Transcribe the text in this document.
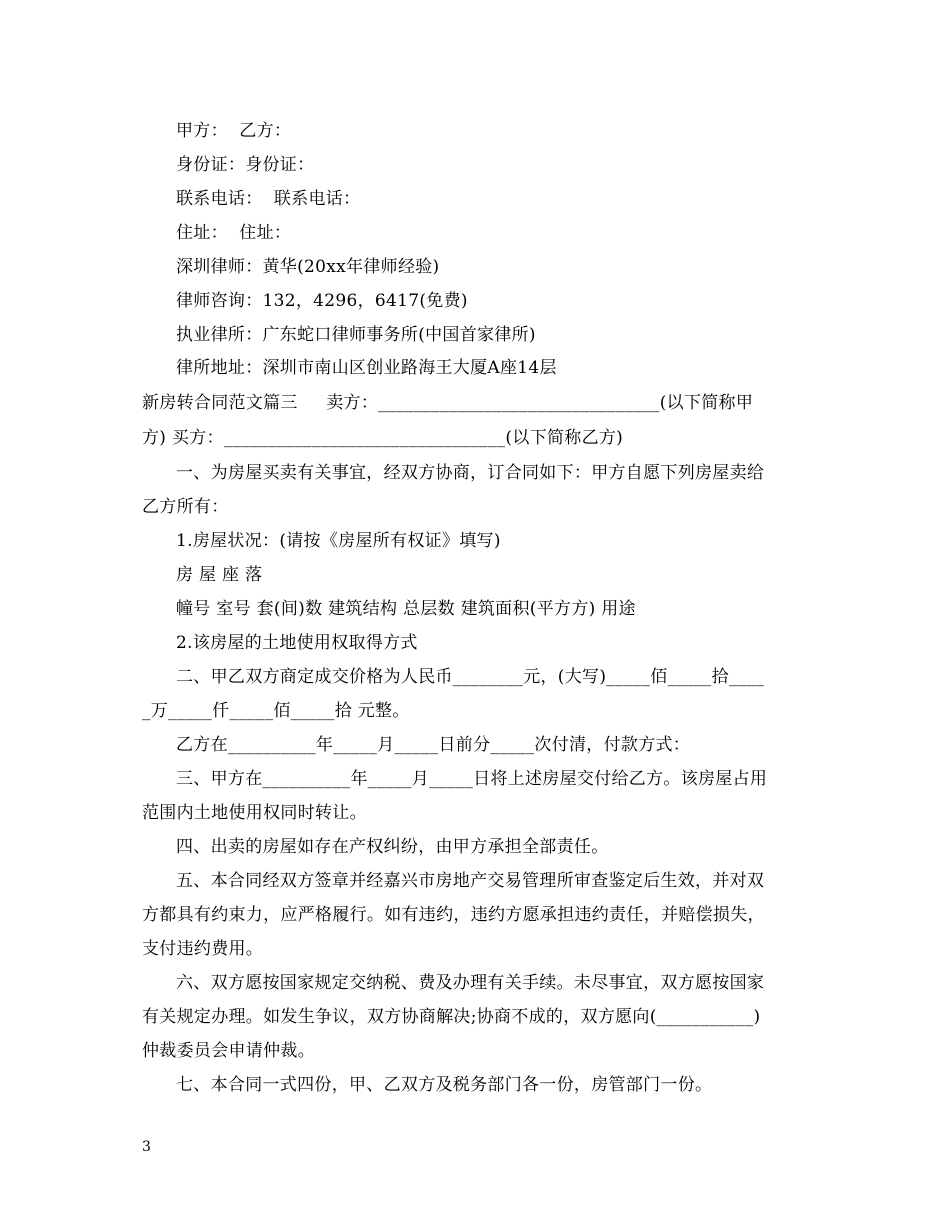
甲方：  乙方：
身份证：身份证：
联系电话：  联系电话：
住址：  住址：
深圳律师：黄华(20xx年律师经验)
律师咨询：132，4296，6417(免费)
执业律所：广东蛇口律师事务所(中国首家律所)
律所地址：深圳市南山区创业路海王大厦A座14层
新房转合同范文篇三     卖方：________________________________(以下简称甲
方) 买方：________________________________(以下简称乙方)
一、为房屋买卖有关事宜，经双方协商，订合同如下：甲方自愿下列房屋卖给
乙方所有：
1.房屋状况：(请按《房屋所有权证》填写)
房 屋 座 落
幢号 室号 套(间)数 建筑结构 总层数 建筑面积(平方方) 用途
2.该房屋的土地使用权取得方式
二、甲乙双方商定成交价格为人民币________元，(大写)_____佰_____拾____
_万_____仟_____佰_____拾 元整。
乙方在__________年_____月_____日前分_____次付清，付款方式：
三、甲方在__________年_____月_____日将上述房屋交付给乙方。该房屋占用
范围内土地使用权同时转让。
四、出卖的房屋如存在产权纠纷，由甲方承担全部责任。
五、本合同经双方签章并经嘉兴市房地产交易管理所审查鉴定后生效，并对双
方都具有约束力，应严格履行。如有违约，违约方愿承担违约责任，并赔偿损失，
支付违约费用。
六、双方愿按国家规定交纳税、费及办理有关手续。未尽事宜，双方愿按国家
有关规定办理。如发生争议，双方协商解决;协商不成的，双方愿向(___________)
仲裁委员会申请仲裁。
七、本合同一式四份，甲、乙双方及税务部门各一份，房管部门一份。
3
